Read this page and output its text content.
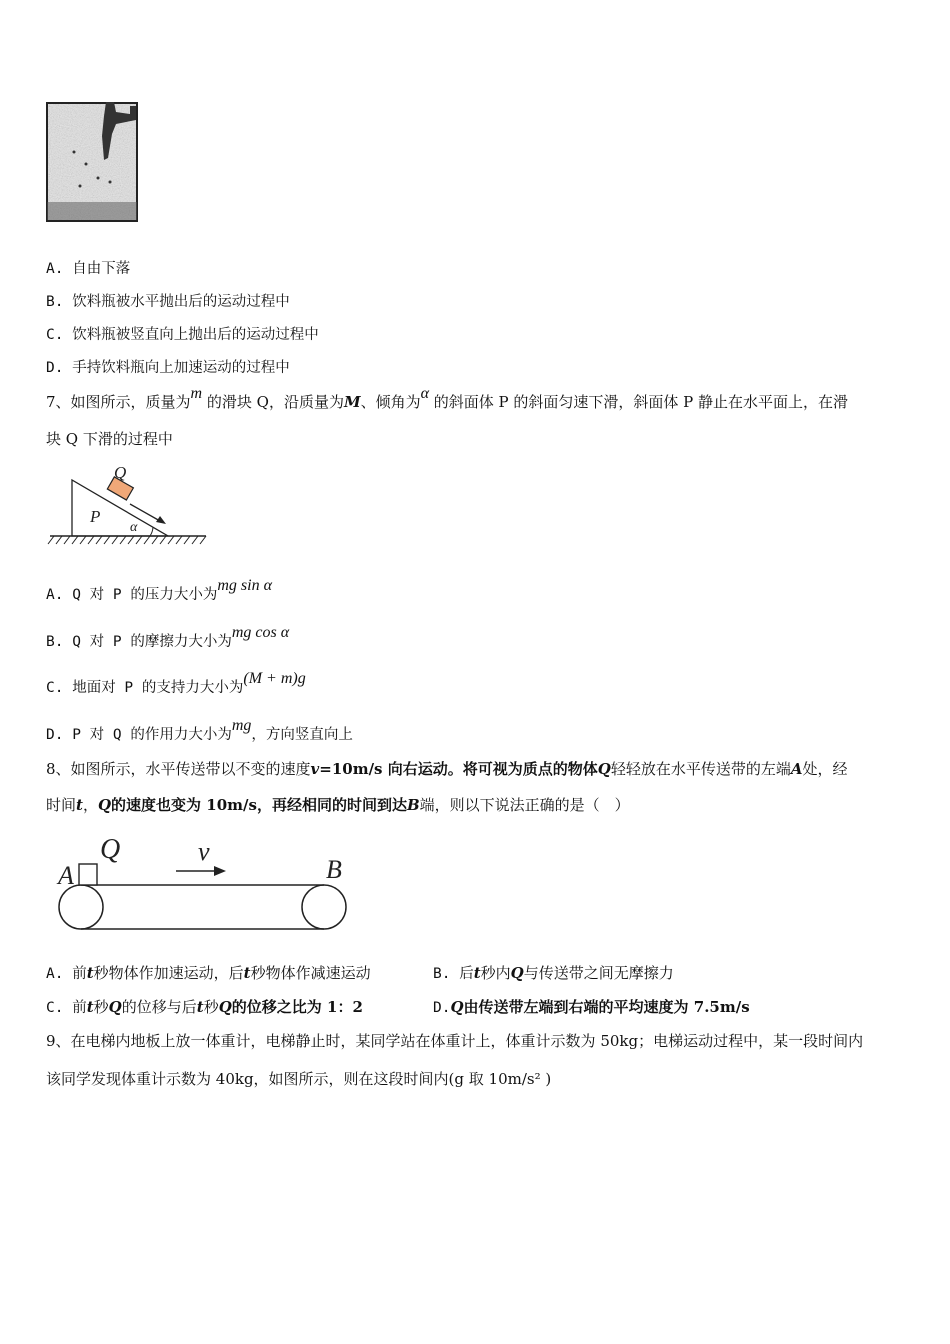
A. 自由下落
B. 饮料瓶被水平抛出后的运动过程中
C. 饮料瓶被竖直向上抛出后的运动过程中
D. 手持饮料瓶向上加速运动的过程中
7、如图所示，质量为m 的滑块 Q，沿质量为M、倾角为α 的斜面体 P 的斜面匀速下滑，斜面体 P 静止在水平面上，在滑
块 Q 下滑的过程中
Q
P
α
A. Q 对 P 的压力大小为mg sin α
B. Q 对 P 的摩擦力大小为mg cos α
C. 地面对 P 的支持力大小为(M + m)g
D. P 对 Q 的作用力大小为mg，方向竖直向上
8、如图所示，水平传送带以不变的速度v=10m/s 向右运动。将可视为质点的物体Q轻轻放在水平传送带的左端A处，经
时间t，Q的速度也变为 10m/s，再经相同的时间到达B端，则以下说法正确的是（　）
A
Q	v
B
A. 前t秒物体作加速运动，后t秒物体作减速运动	B. 后t秒内Q与传送带之间无摩擦力
C. 前t秒Q的位移与后t秒Q的位移之比为 1：2	D.Q由传送带左端到右端的平均速度为 7.5m/s
9、在电梯内地板上放一体重计，电梯静止时，某同学站在体重计上，体重计示数为 50kg；电梯运动过程中，某一段时间内
该同学发现体重计示数为 40kg，如图所示，则在这段时间内(g 取 10m/s² )
